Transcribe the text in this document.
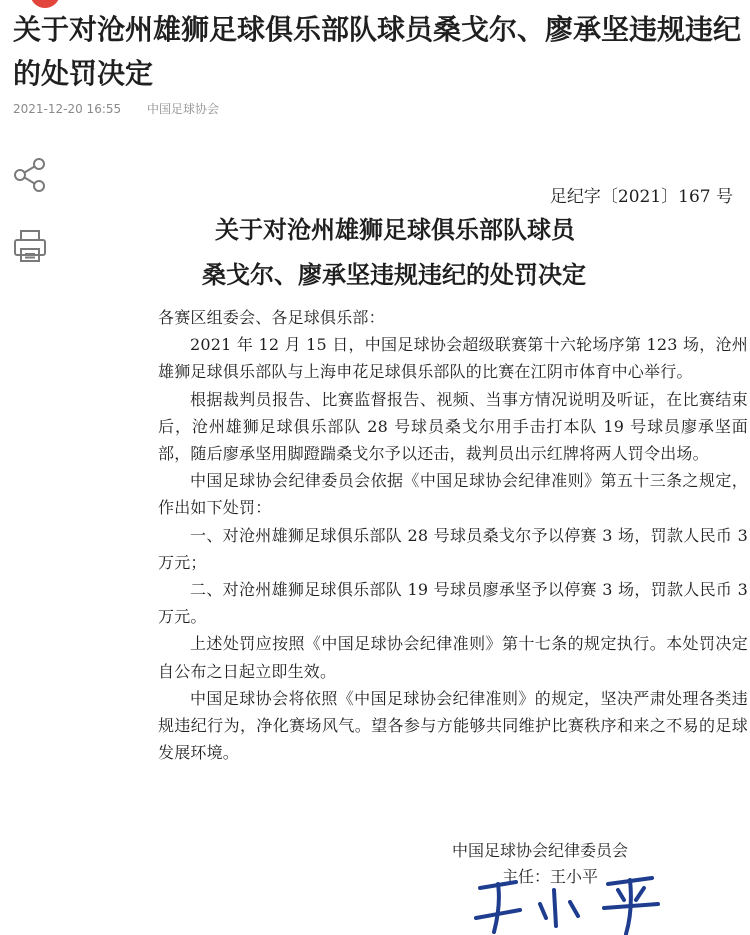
关于对沧州雄狮足球俱乐部队球员桑戈尔、廖承坚违规违纪的处罚决定
2021-12-20 16:55 中国足球协会
足纪字〔2021〕167 号
关于对沧州雄狮足球俱乐部队球员
桑戈尔、廖承坚违规违纪的处罚决定

各赛区组委会、各足球俱乐部：

2021 年 12 月 15 日，中国足球协会超级联赛第十六轮场序第 123 场，沧州雄狮足球俱乐部队与上海申花足球俱乐部队的比赛在江阴市体育中心举行。

根据裁判员报告、比赛监督报告、视频、当事方情况说明及听证，在比赛结束后，沧州雄狮足球俱乐部队 28 号球员桑戈尔用手击打本队 19 号球员廖承坚面部，随后廖承坚用脚蹬踹桑戈尔予以还击，裁判员出示红牌将两人罚令出场。

中国足球协会纪律委员会依据《中国足球协会纪律准则》第五十三条之规定，作出如下处罚：

一、对沧州雄狮足球俱乐部队 28 号球员桑戈尔予以停赛 3 场，罚款人民币 3 万元；

二、对沧州雄狮足球俱乐部队 19 号球员廖承坚予以停赛 3 场，罚款人民币 3 万元。

上述处罚应按照《中国足球协会纪律准则》第十七条的规定执行。本处罚决定自公布之日起立即生效。

中国足球协会将依照《中国足球协会纪律准则》的规定，坚决严肃处理各类违规违纪行为，净化赛场风气。望各参与方能够共同维护比赛秩序和来之不易的足球发展环境。

中国足球协会纪律委员会
主任：王小平
